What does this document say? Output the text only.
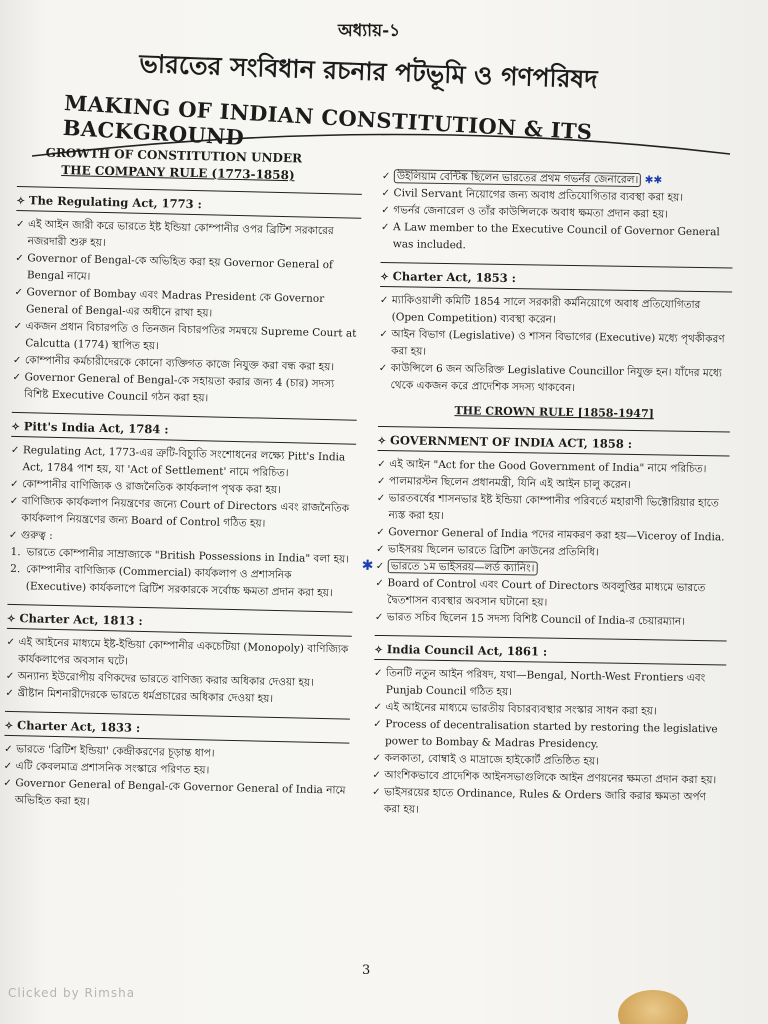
অধ্যায়-১
ভারতের সংবিধান রচনার পটভূমি ও গণপরিষদ
MAKING OF INDIAN CONSTITUTION & ITS BACKGROUND
GROWTH OF CONSTITUTION UNDER
THE COMPANY RULE (1773-1858)
✧ The Regulating Act, 1773 :
✓ এই আইন জারী করে ভারতে ইষ্ট ইন্ডিয়া কোম্পানীর ওপর ব্রিটিশ সরকারের নজরদারী শুরু হয়।
✓ Governor of Bengal-কে অভিহিত করা হয় Governor General of Bengal নামে।
✓ Governor of Bombay এবং Madras President কে Governor General of Bengal-এর অধীনে রাখা হয়।
✓ একজন প্রধান বিচারপতি ও তিনজন বিচারপতির সমন্বয়ে Supreme Court at Calcutta (1774) স্থাপিত হয়।
✓ কোম্পানীর কর্মচারীদেরকে কোনো ব্যক্তিগত কাজে নিযুক্ত করা বন্ধ করা হয়।
✓ Governor General of Bengal-কে সহায়তা করার জন্য 4 (চার) সদস্য বিশিষ্ট Executive Council গঠন করা হয়।
✧ Pitt's India Act, 1784 :
✓ Regulating Act, 1773-এর ত্রুটি-বিচ্যুতি সংশোধনের লক্ষ্যে Pitt's India Act, 1784 পাশ হয়, যা 'Act of Settlement' নামে পরিচিত।
✓ কোম্পানীর বাণিজ্যিক ও রাজনৈতিক কার্যকলাপ পৃথক করা হয়।
✓ বাণিজ্যিক কার্যকলাপ নিয়ন্ত্রণের জন্যে Court of Directors এবং রাজনৈতিক কার্যকলাপ নিয়ন্ত্রণের জন্য Board of Control গঠিত হয়।
✓ গুরুত্ব :
1. ভারতে কোম্পানীর সাম্রাজ্যকে "British Possessions in India" বলা হয়।
2. কোম্পানীর বাণিজ্যিক (Commercial) কার্যকলাপ ও প্রশাসনিক (Executive) কার্যকলাপে ব্রিটিশ সরকারকে সর্বোচ্চ ক্ষমতা প্রদান করা হয়।
✧ Charter Act, 1813 :
✓ এই আইনের মাধ্যমে ইষ্ট-ইন্ডিয়া কোম্পানীর একচেটিয়া (Monopoly) বাণিজ্যিক কার্যকলাপের অবসান ঘটে।
✓ অন্যান্য ইউরোপীয় বণিকদের ভারতে বাণিজ্য করার অধিকার দেওয়া হয়।
✓ খ্রীষ্টান মিশনারীদেরকে ভারতে ধর্মপ্রচারের অধিকার দেওয়া হয়।
✧ Charter Act, 1833 :
✓ ভারতে 'ব্রিটিশ ইন্ডিয়া' কেন্দ্রীকরণের চূড়ান্ত ধাপ।
✓ এটি কেবলমাত্র প্রশাসনিক সংস্কারে পরিণত হয়।
✓ Governor General of Bengal-কে Governor General of India নামে অভিহিত করা হয়।
✓ উইলিয়াম বেন্টিঙ্ক ছিলেন ভারতের প্রথম গভর্নর জেনারেল। ✱✱
✓ Civil Servant নিয়োগের জন্য অবাধ প্রতিযোগিতার ব্যবস্থা করা হয়।
✓ গভর্নর জেনারেল ও তাঁর কাউন্সিলকে অবাধ ক্ষমতা প্রদান করা হয়।
✓ A Law member to the Executive Council of Governor General was included.
✧ Charter Act, 1853 :
✓ ম্যাকিওয়ালী কমিটি 1854 সালে সরকারী কর্মনিয়োগে অবাধ প্রতিযোগিতার (Open Competition) ব্যবস্থা করেন।
✓ আইন বিভাগ (Legislative) ও শাসন বিভাগের (Executive) মধ্যে পৃথকীকরণ করা হয়।
✓ কাউন্সিলে 6 জন অতিরিক্ত Legislative Councillor নিযুক্ত হন। যাঁদের মধ্যে থেকে একজন করে প্রাদেশিক সদস্য থাকবেন।
THE CROWN RULE [1858-1947]
✧ GOVERNMENT OF INDIA ACT, 1858 :
✓ এই আইন "Act for the Good Government of India" নামে পরিচিত।
✓ পালমারস্টন ছিলেন প্রধানমন্ত্রী, যিনি এই আইন চালু করেন।
✓ ভারতবর্ষের শাসনভার ইষ্ট ইন্ডিয়া কোম্পানীর পরিবর্তে মহারাণী ভিক্টোরিয়ার হাতে ন্যস্ত করা হয়।
✓ Governor General of India পদের নামকরণ করা হয়—Viceroy of India.
✓ ভাইসরয় ছিলেন ভারতে ব্রিটিশ ক্রাউনের প্রতিনিধি।
✱ ✓ ভারতে ১ম ভাইসরয়—লর্ড ক্যানিং।
✓ Board of Control এবং Court of Directors অবলুপ্তির মাধ্যমে ভারতে দ্বৈতশাসন ব্যবস্থার অবসান ঘটানো হয়।
✓ ভারত সচিব ছিলেন 15 সদস্য বিশিষ্ট Council of India-র চেয়ারম্যান।
✧ India Council Act, 1861 :
✓ তিনটি নতুন আইন পরিষদ, যথা—Bengal, North-West Frontiers এবং Punjab Council গঠিত হয়।
✓ এই আইনের মাধ্যমে ভারতীয় বিচারব্যবস্থার সংস্কার সাধন করা হয়।
✓ Process of decentralisation started by restoring the legislative power to Bombay & Madras Presidency.
✓ কলকাতা, বোম্বাই ও মাদ্রাজে হাইকোর্ট প্রতিষ্ঠিত হয়।
✓ আংশিকভাবে প্রাদেশিক আইনসভাগুলিকে আইন প্রণয়নের ক্ষমতা প্রদান করা হয়।
✓ ভাইসরয়ের হাতে Ordinance, Rules & Orders জারি করার ক্ষমতা অর্পণ করা হয়।
3
Clicked by Rimsha
